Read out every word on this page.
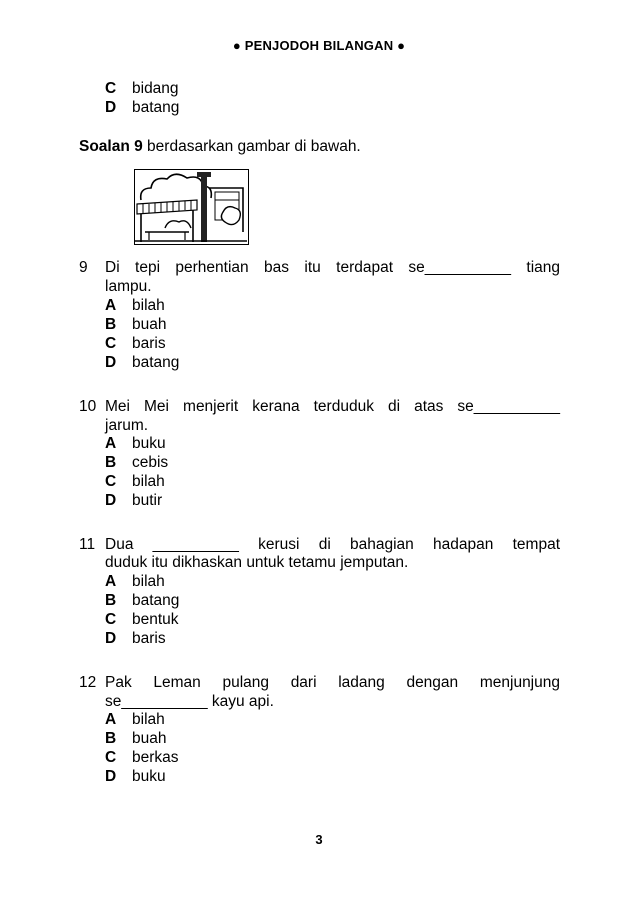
● PENJODOH BILANGAN ●
C bidang
D batang
Soalan 9 berdasarkan gambar di bawah.
9 Di tepi perhentian bas itu terdapat se__________ tiang
lampu.
A bilah
B buah
C baris
D batang
10 Mei Mei menjerit kerana terduduk di atas se__________
jarum.
A buku
B cebis
C bilah
D butir
11 Dua __________ kerusi di bahagian hadapan tempat
duduk itu dikhaskan untuk tetamu jemputan.
A bilah
B batang
C bentuk
D baris
12 Pak Leman pulang dari ladang dengan menjunjung
se__________ kayu api.
A bilah
B buah
C berkas
D buku
3
